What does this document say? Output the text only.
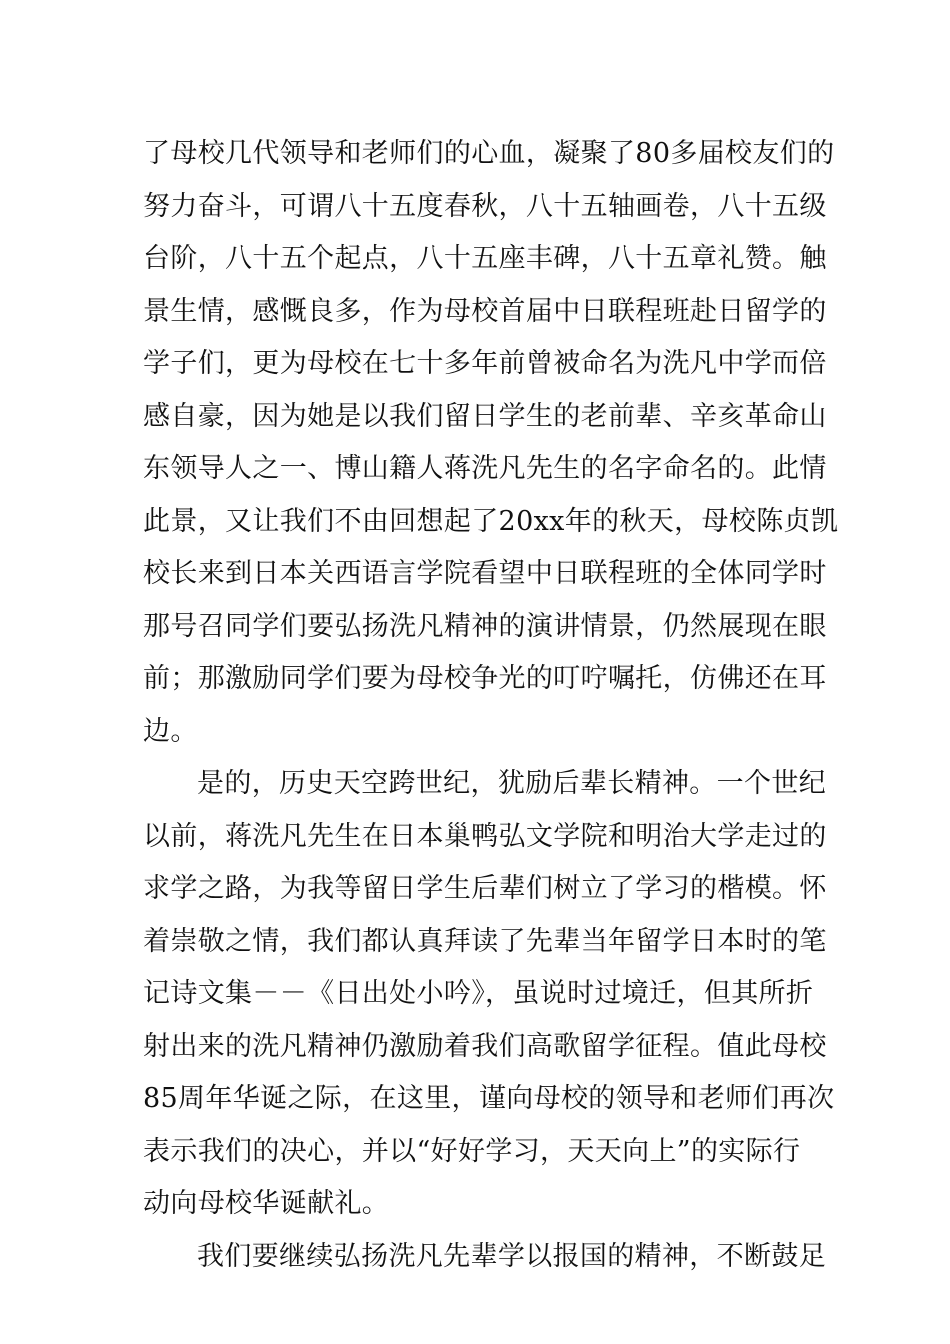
了母校几代领导和老师们的心血，凝聚了80多届校友们的
努力奋斗，可谓八十五度春秋，八十五轴画卷，八十五级
台阶，八十五个起点，八十五座丰碑，八十五章礼赞。触
景生情，感慨良多，作为母校首届中日联程班赴日留学的
学子们，更为母校在七十多年前曾被命名为洗凡中学而倍
感自豪，因为她是以我们留日学生的老前辈、辛亥革命山
东领导人之一、博山籍人蒋洗凡先生的名字命名的。此情
此景，又让我们不由回想起了20xx年的秋天，母校陈贞凯
校长来到日本关西语言学院看望中日联程班的全体同学时
那号召同学们要弘扬洗凡精神的演讲情景，仍然展现在眼
前；那激励同学们要为母校争光的叮咛嘱托，仿佛还在耳
边。
是的，历史天空跨世纪，犹励后辈长精神。一个世纪
以前，蒋洗凡先生在日本巢鸭弘文学院和明治大学走过的
求学之路，为我等留日学生后辈们树立了学习的楷模。怀
着崇敬之情，我们都认真拜读了先辈当年留学日本时的笔
记诗文集－－《日出处小吟》，虽说时过境迁，但其所折
射出来的洗凡精神仍激励着我们高歌留学征程。值此母校
85周年华诞之际，在这里，谨向母校的领导和老师们再次
表示我们的决心，并以“好好学习，天天向上”的实际行
动向母校华诞献礼。
我们要继续弘扬洗凡先辈学以报国的精神，不断鼓足
